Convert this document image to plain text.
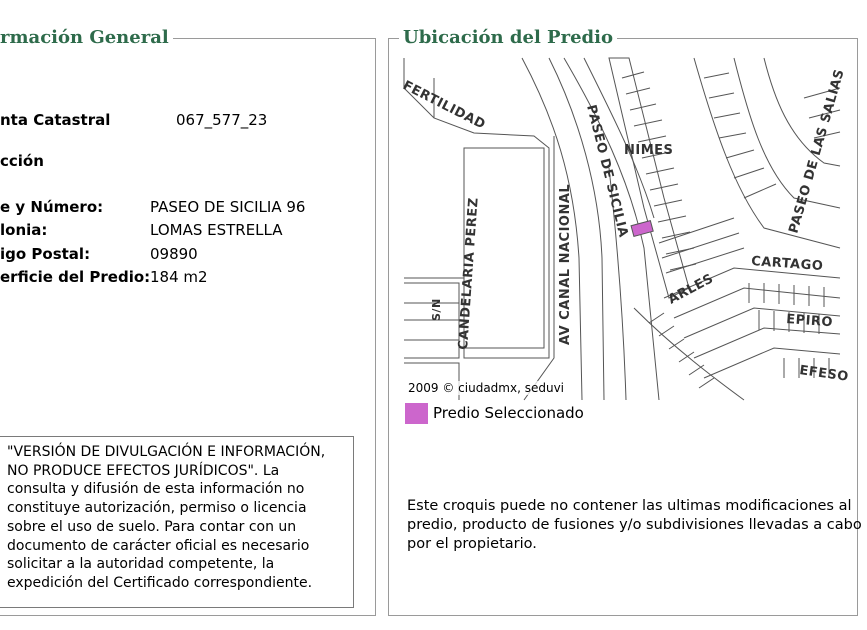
rmación General
nta Catastral	067_577_23
cción
e y Número:	PASEO DE SICILIA 96
lonia:	LOMAS ESTRELLA
igo Postal:	09890
erficie del Predio: 184 m2

"VERSIÓN DE DIVULGACIÓN E INFORMACIÓN,

NO PRODUCE EFECTOS JURÍDICOS". La

consulta y difusión de esta información no

constituye autorización, permiso o licencia

sobre el uso de suelo. Para contar con un

documento de carácter oficial es necesario

solicitar a la autoridad competente, la

expedición del Certificado correspondiente.

Ubicación del Predio
FERTILIDAD	PASEO DE SICILIA
NIMES	PASEO DE LAS SALIAS
AV CANAL NACIONAL
CANDELARIA PEREZ
S/N
ARLES
CARTAGO
EPIRO
EFESO
2009 © ciudadmx, seduvi
Predio Seleccionado
Este croquis puede no contener las ultimas modificaciones al
predio, producto de fusiones y/o subdivisiones llevadas a cabo
por el propietario.
